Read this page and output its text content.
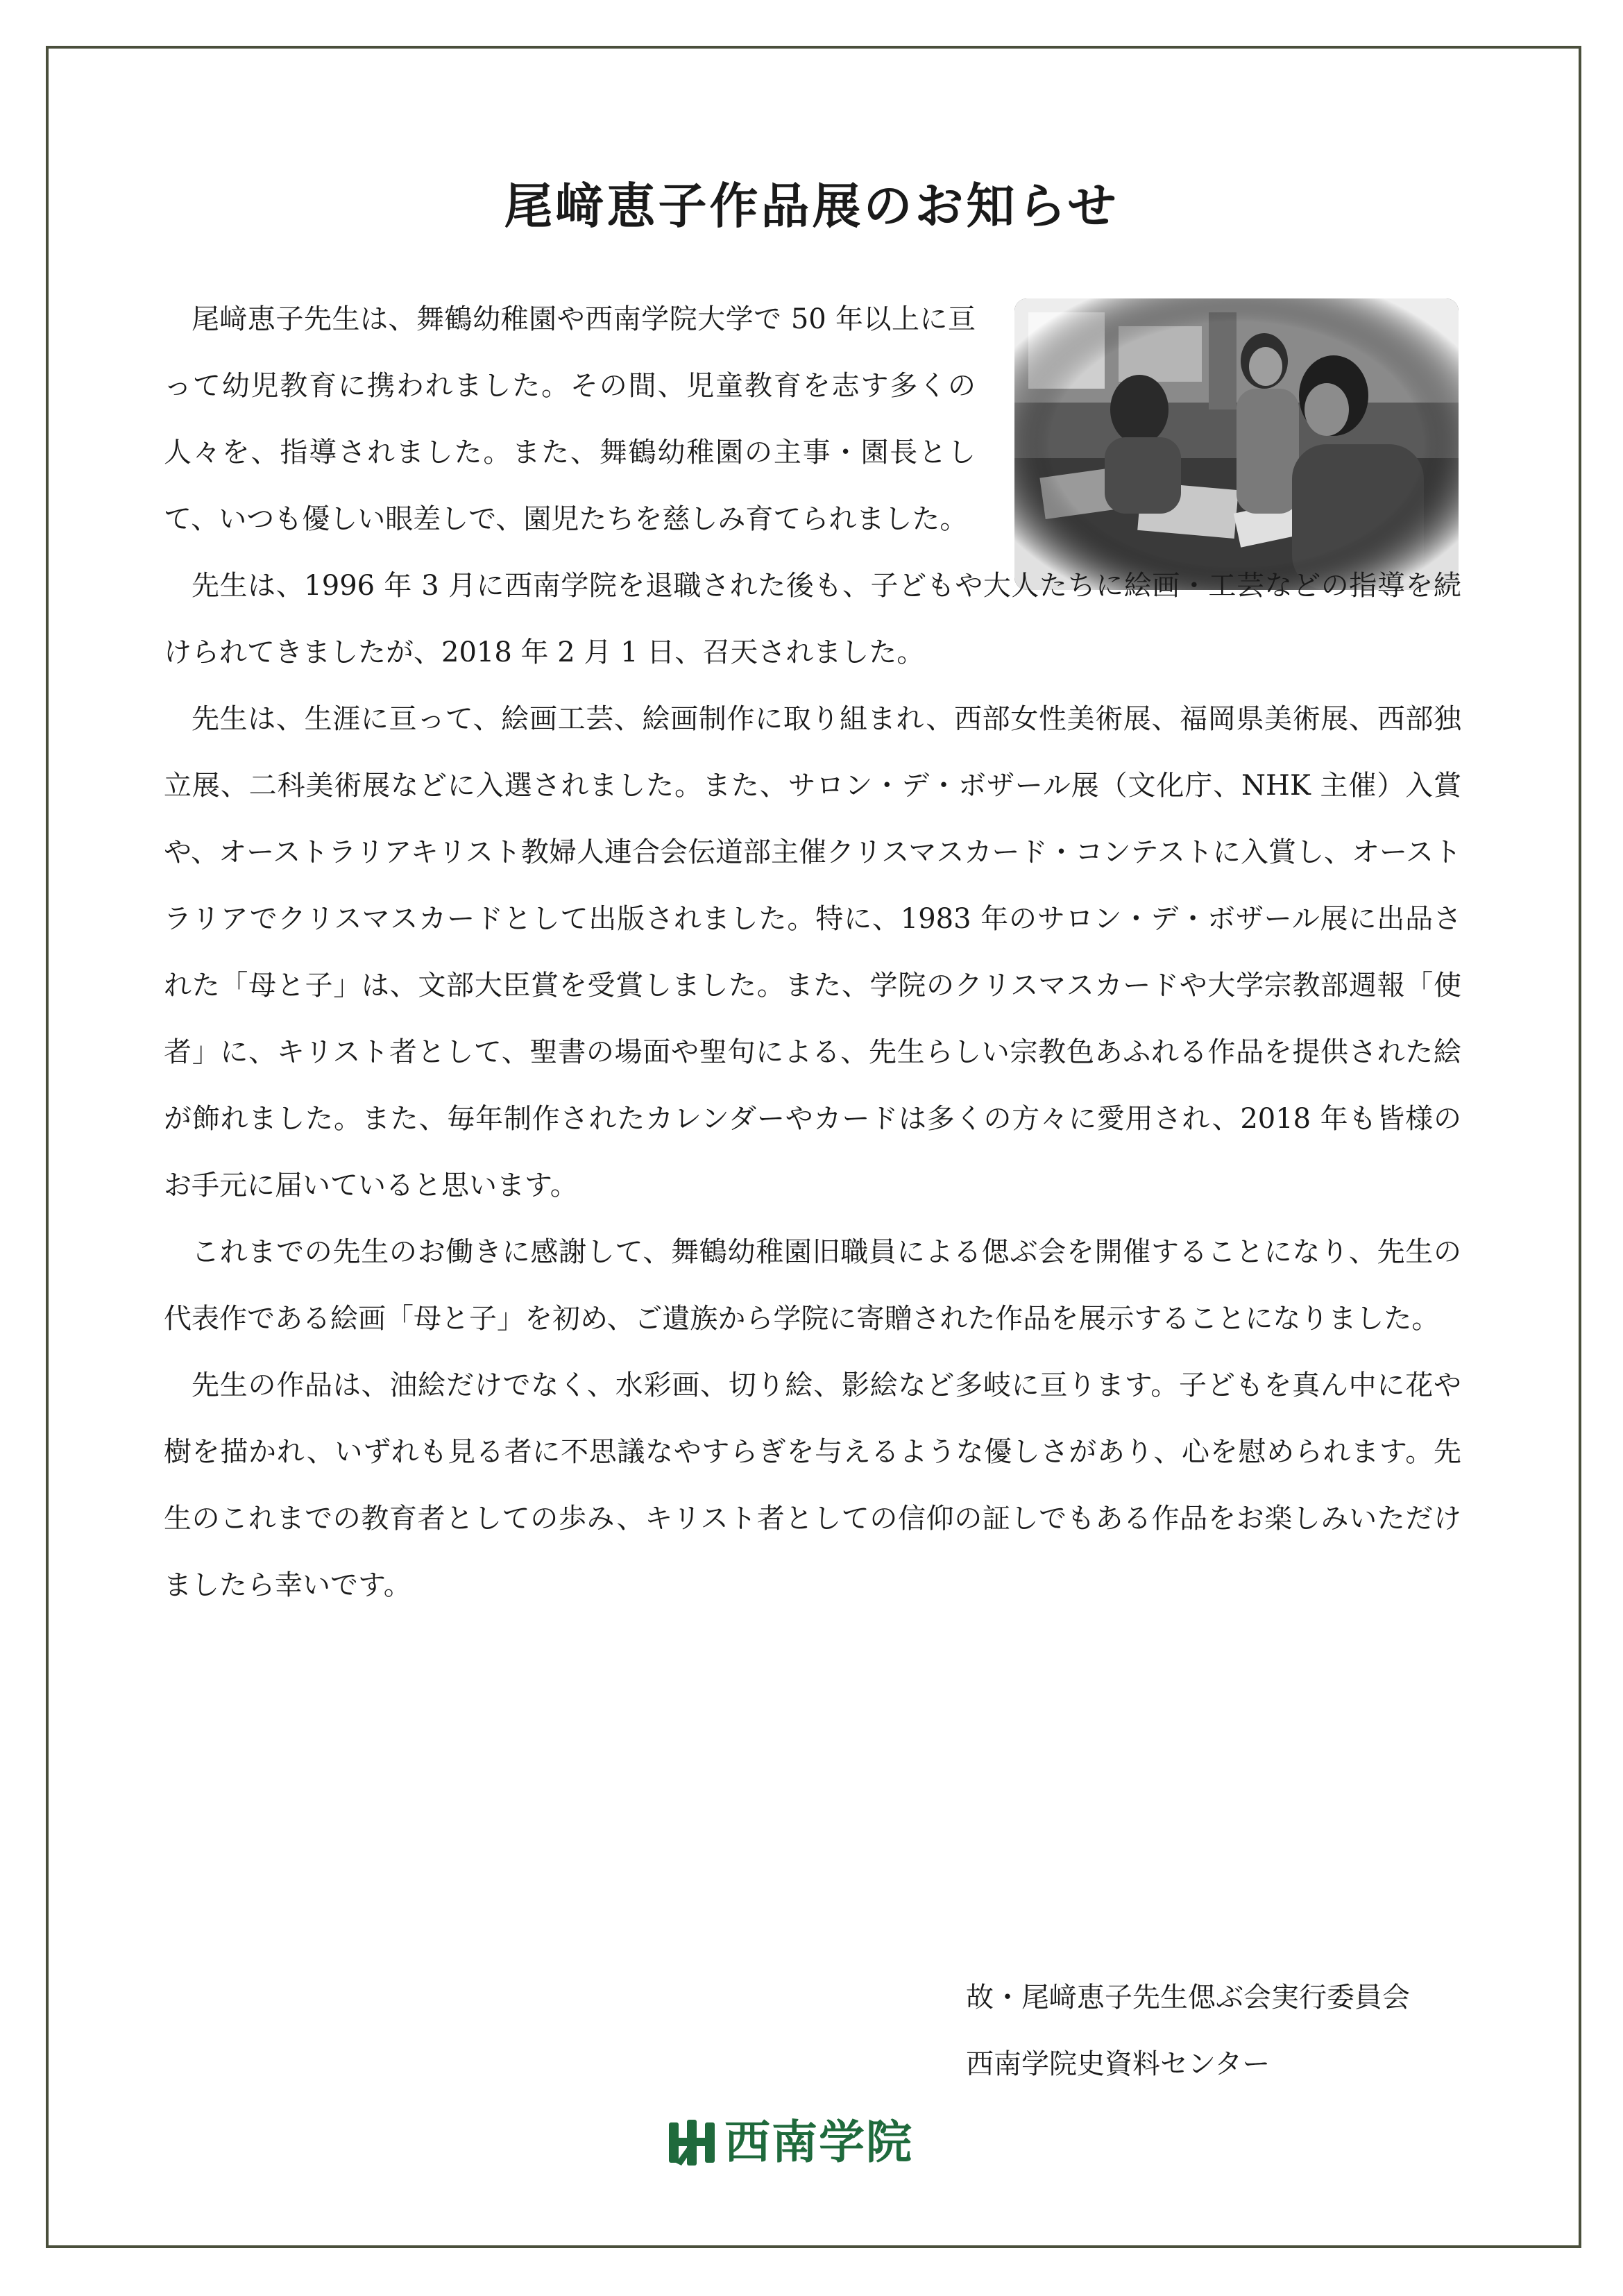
尾﨑恵子作品展のお知らせ

尾﨑恵子先生は、舞鶴幼稚園や西南学院大学で 50 年以上に亘って幼児教育に携われました。その間、児童教育を志す多くの人々を、指導されました。また、舞鶴幼稚園の主事・園長として、いつも優しい眼差しで、園児たちを慈しみ育てられました。

先生は、1996 年 3 月に西南学院を退職された後も、子どもや大人たちに絵画・工芸などの指導を続けられてきましたが、2018 年 2 月 1 日、召天されました。

先生は、生涯に亘って、絵画工芸、絵画制作に取り組まれ、西部女性美術展、福岡県美術展、西部独立展、二科美術展などに入選されました。また、サロン・デ・ボザール展（文化庁、NHK 主催）入賞や、オーストラリアキリスト教婦人連合会伝道部主催クリスマスカード・コンテストに入賞し、オーストラリアでクリスマスカードとして出版されました。特に、1983 年のサロン・デ・ボザール展に出品された「母と子」は、文部大臣賞を受賞しました。また、学院のクリスマスカードや大学宗教部週報「使者」に、キリスト者として、聖書の場面や聖句による、先生らしい宗教色あふれる作品を提供された絵が飾れました。また、毎年制作されたカレンダーやカードは多くの方々に愛用され、2018 年も皆様のお手元に届いていると思います。

これまでの先生のお働きに感謝して、舞鶴幼稚園旧職員による偲ぶ会を開催することになり、先生の代表作である絵画「母と子」を初め、ご遺族から学院に寄贈された作品を展示することになりました。

先生の作品は、油絵だけでなく、水彩画、切り絵、影絵など多岐に亘ります。子どもを真ん中に花や樹を描かれ、いずれも見る者に不思議なやすらぎを与えるような優しさがあり、心を慰められます。先生のこれまでの教育者としての歩み、キリスト者としての信仰の証しでもある作品をお楽しみいただけましたら幸いです。

故・尾﨑恵子先生偲ぶ会実行委員会
西南学院史資料センター
西南学院
